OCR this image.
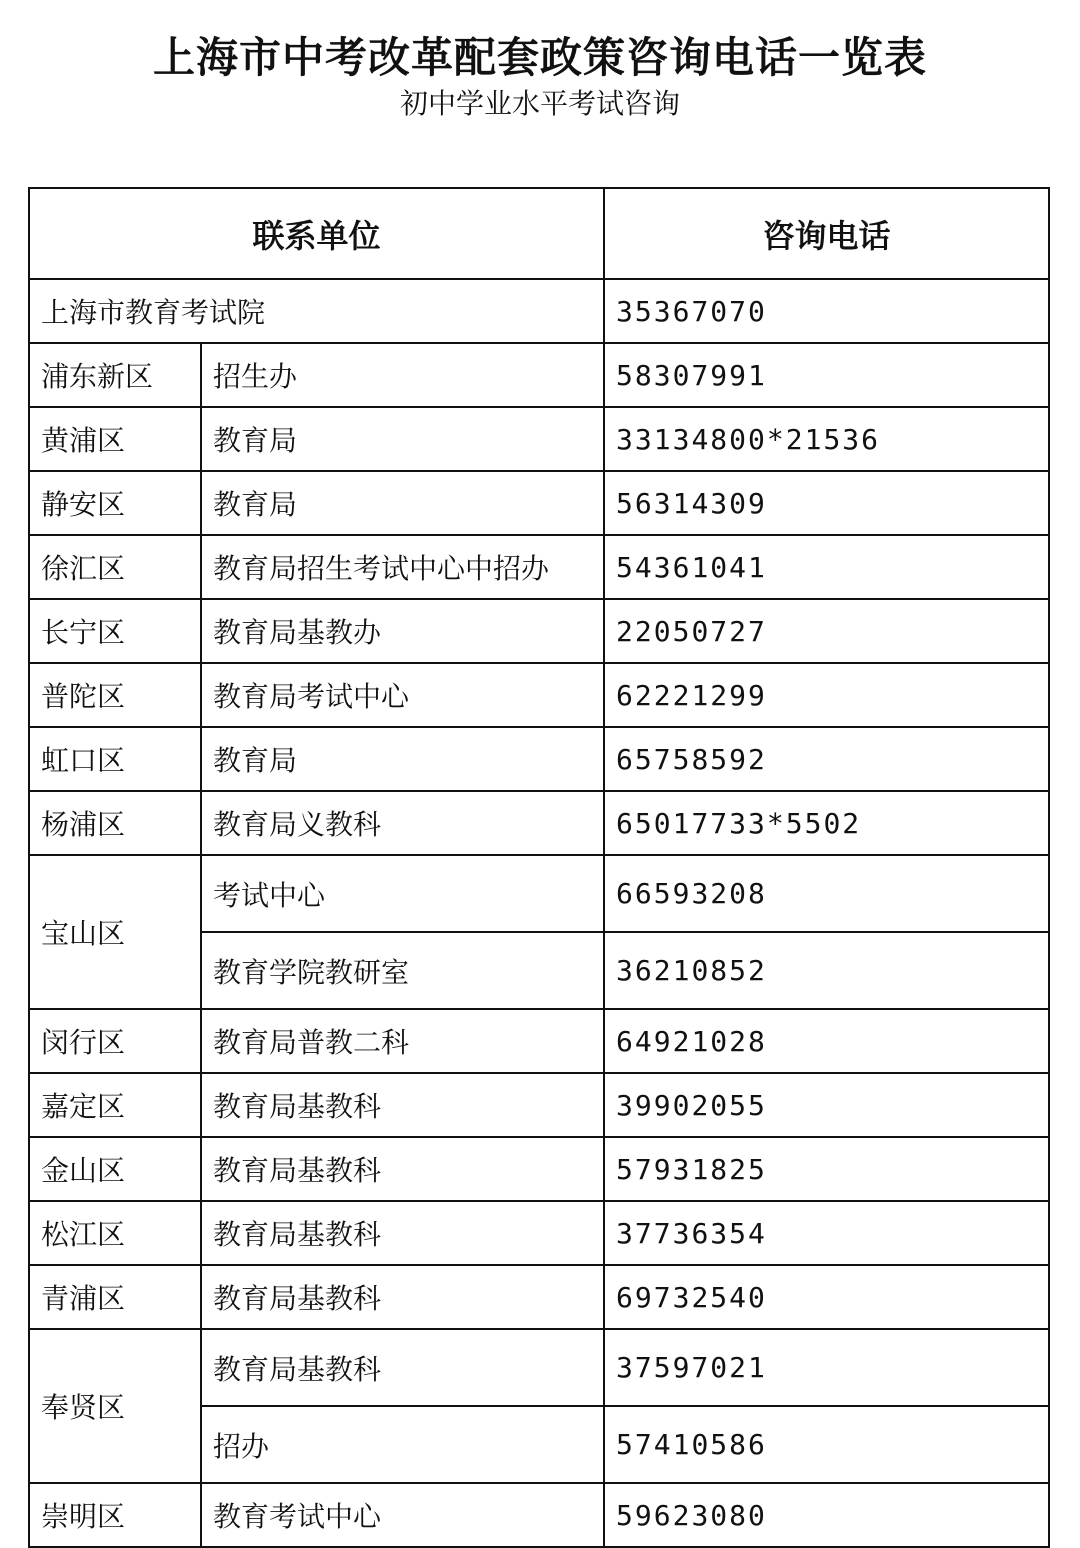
上海市中考改革配套政策咨询电话一览表
初中学业水平考试咨询
联系单位		咨询电话
上海市教育考试院		35367070
浦东新区	招生办	58307991
黄浦区	教育局	33134800*21536
静安区	教育局	56314309
徐汇区	教育局招生考试中心中招办	54361041
长宁区	教育局基教办	22050727
普陀区	教育局考试中心	62221299
虹口区	教育局	65758592
杨浦区	教育局义教科	65017733*5502
宝山区	考试中心	66593208
	教育学院教研室	36210852
闵行区	教育局普教二科	64921028
嘉定区	教育局基教科	39902055
金山区	教育局基教科	57931825
松江区	教育局基教科	37736354
青浦区	教育局基教科	69732540
奉贤区	教育局基教科	37597021
	招办	57410586
崇明区	教育考试中心	59623080
